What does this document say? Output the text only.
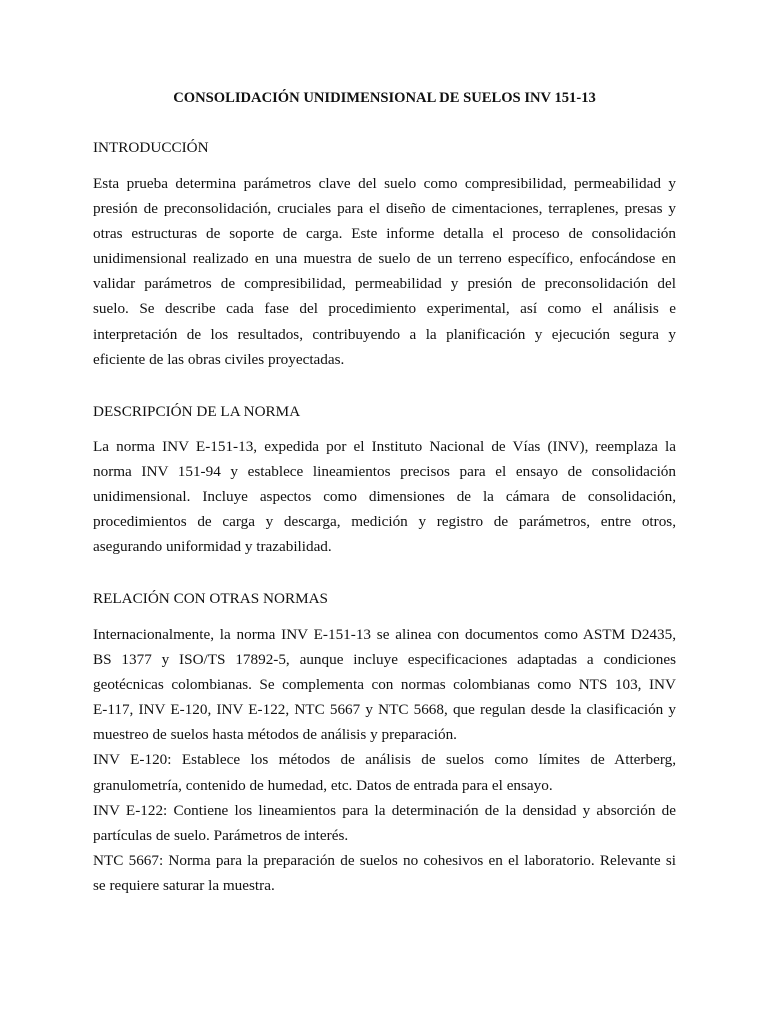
CONSOLIDACIÓN UNIDIMENSIONAL DE SUELOS INV 151-13
INTRODUCCIÓN
Esta prueba determina parámetros clave del suelo como compresibilidad, permeabilidad y
presión de preconsolidación, cruciales para el diseño de cimentaciones, terraplenes, presas y
otras estructuras de soporte de carga. Este informe detalla el proceso de consolidación
unidimensional realizado en una muestra de suelo de un terreno específico, enfocándose en
validar parámetros de compresibilidad, permeabilidad y presión de preconsolidación del
suelo. Se describe cada fase del procedimiento experimental, así como el análisis e
interpretación de los resultados, contribuyendo a la planificación y ejecución segura y
eficiente de las obras civiles proyectadas.
DESCRIPCIÓN DE LA NORMA
La norma INV E-151-13, expedida por el Instituto Nacional de Vías (INV), reemplaza la
norma INV 151-94 y establece lineamientos precisos para el ensayo de consolidación
unidimensional. Incluye aspectos como dimensiones de la cámara de consolidación,
procedimientos de carga y descarga, medición y registro de parámetros, entre otros,
asegurando uniformidad y trazabilidad.
RELACIÓN CON OTRAS NORMAS
Internacionalmente, la norma INV E-151-13 se alinea con documentos como ASTM D2435,
BS 1377 y ISO/TS 17892-5, aunque incluye especificaciones adaptadas a condiciones
geotécnicas colombianas. Se complementa con normas colombianas como NTS 103, INV
E-117, INV E-120, INV E-122, NTC 5667 y NTC 5668, que regulan desde la clasificación y
muestreo de suelos hasta métodos de análisis y preparación.
INV E-120: Establece los métodos de análisis de suelos como límites de Atterberg,
granulometría, contenido de humedad, etc. Datos de entrada para el ensayo.
INV E-122: Contiene los lineamientos para la determinación de la densidad y absorción de
partículas de suelo. Parámetros de interés.
NTC 5667: Norma para la preparación de suelos no cohesivos en el laboratorio. Relevante si
se requiere saturar la muestra.
